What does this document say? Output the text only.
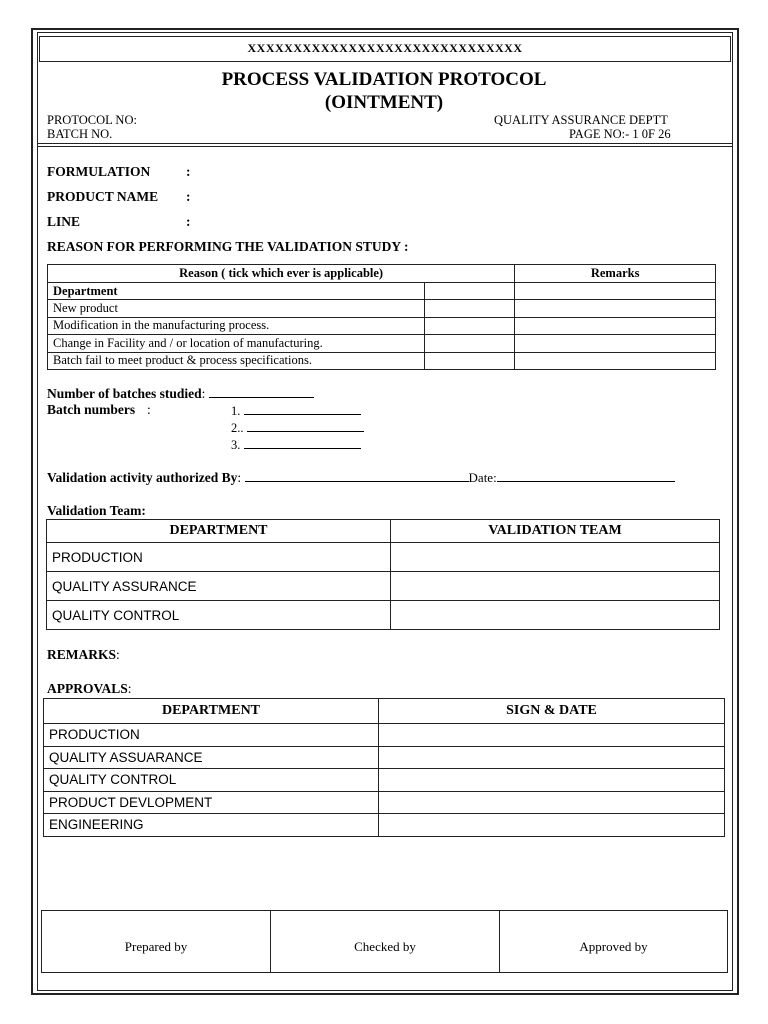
XXXXXXXXXXXXXXXXXXXXXXXXXXXXXX
PROCESS VALIDATION PROTOCOL
(OINTMENT)
PROTOCOL NO:
BATCH NO.
QUALITY ASSURANCE DEPTT
PAGE NO:- 1 0F 26
FORMULATION	:
PRODUCT NAME :
LINE	:
REASON FOR PERFORMING THE VALIDATION STUDY :
Reason ( tick which ever is applicable)		Remarks
Department		
New product		
Modification in the manufacturing process.		
Change in Facility and / or location of manufacturing.		
Batch fail to meet product & process specifications.		
Number of batches studied:
Batch numbers :	1.
2..
3.
Validation activity authorized By:	Date:
Validation Team:
DEPARTMENT	VALIDATION TEAM
PRODUCTION	
QUALITY ASSURANCE	
QUALITY CONTROL	
REMARKS:
APPROVALS:
DEPARTMENT	SIGN & DATE
PRODUCTION	
QUALITY ASSUARANCE	
QUALITY CONTROL	
PRODUCT DEVLOPMENT	
ENGINEERING	
Prepared by	Checked by	Approved by
